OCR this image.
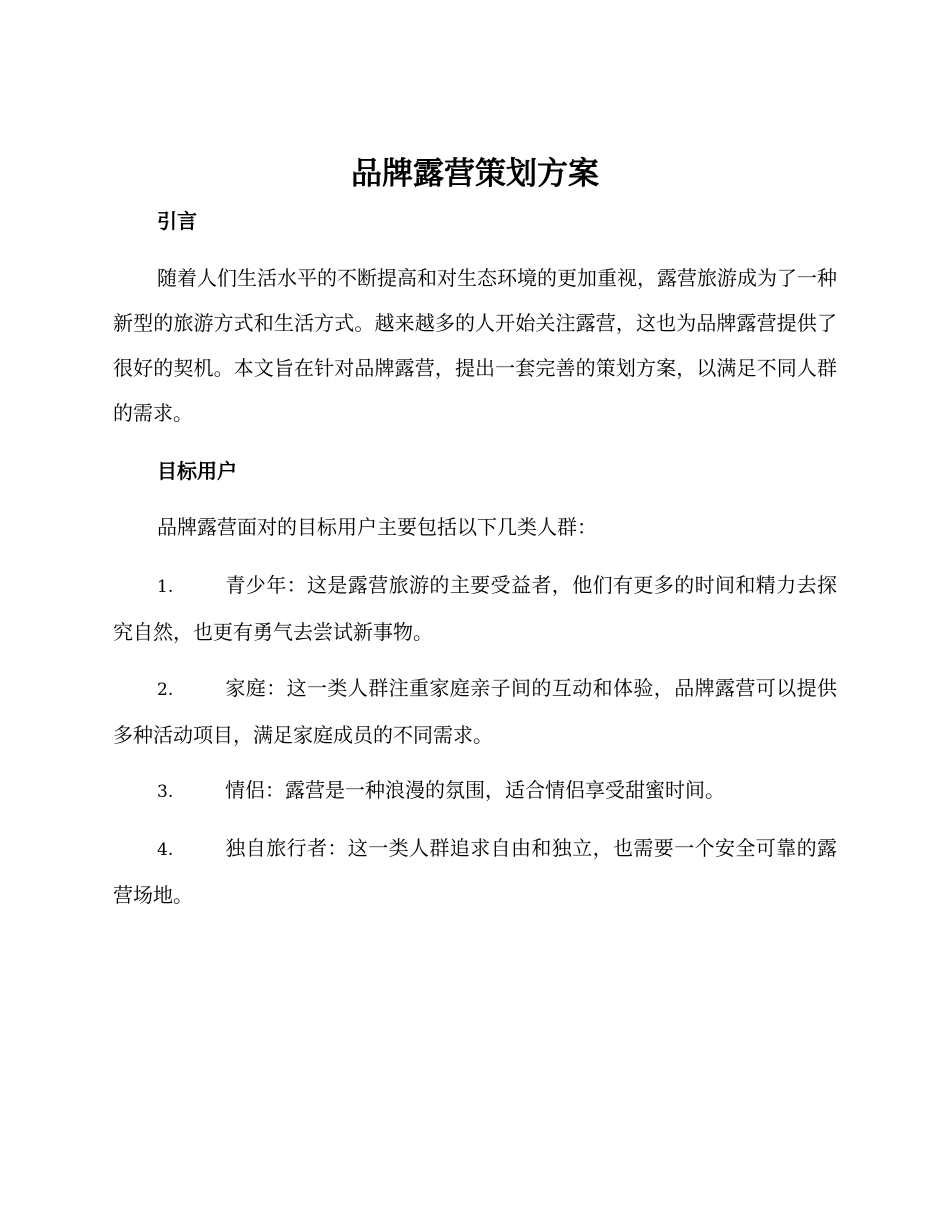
品牌露营策划方案
引言

随着人们生活水平的不断提高和对生态环境的更加重视，露营旅游成为了一种新型的旅游方式和生活方式。越来越多的人开始关注露营，这也为品牌露营提供了很好的契机。本文旨在针对品牌露营，提出一套完善的策划方案，以满足不同人群的需求。

目标用户

品牌露营面对的目标用户主要包括以下几类人群：

1.	青少年：这是露营旅游的主要受益者，他们有更多的时间和精力去探究自然，也更有勇气去尝试新事物。
2.	家庭：这一类人群注重家庭亲子间的互动和体验，品牌露营可以提供多种活动项目，满足家庭成员的不同需求。
3.	情侣：露营是一种浪漫的氛围，适合情侣享受甜蜜时间。
4.	独自旅行者：这一类人群追求自由和独立，也需要一个安全可靠的露营场地。
